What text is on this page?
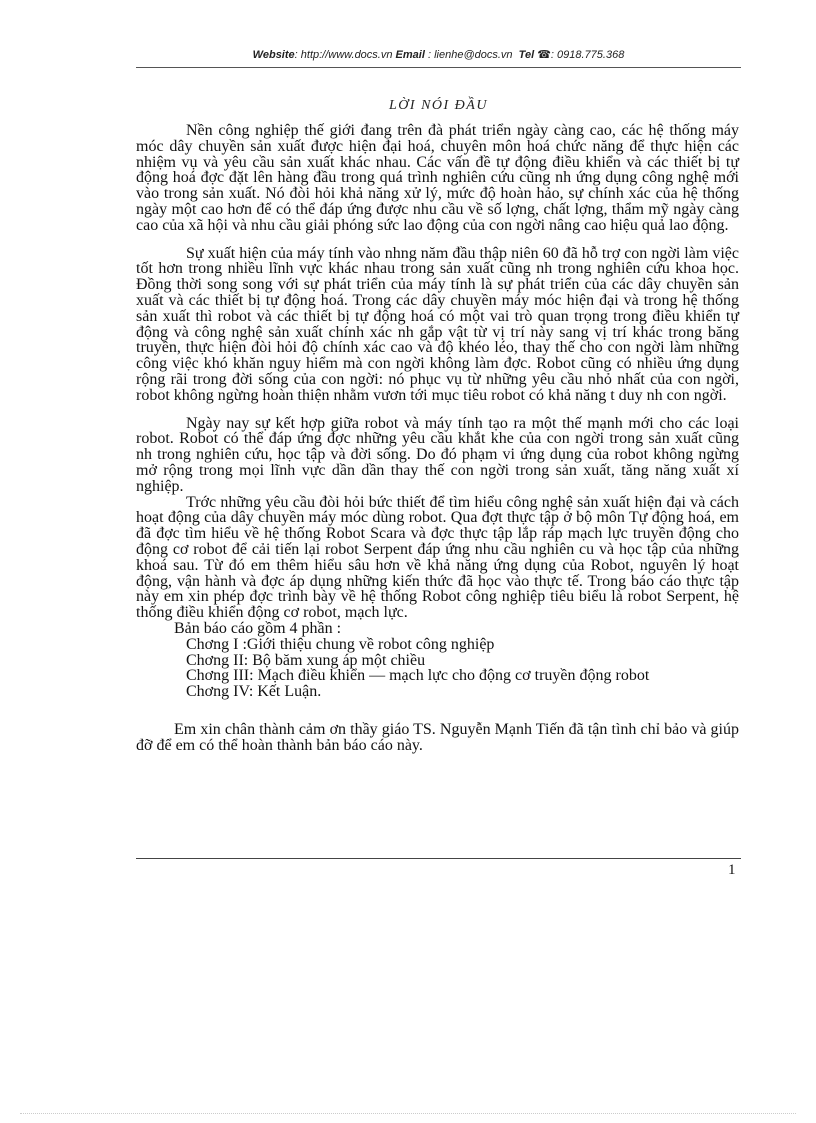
Website: http://www.docs.vn Email : lienhe@docs.vn Tel ☎: 0918.775.368
LỜI NÓI ĐẦU

Nền công nghiệp thế giới đang trên đà phát triển ngày càng cao, các hệ thống máy móc dây chuyền sản xuất được hiện đại hoá, chuyên môn hoá chức năng để thực hiện các nhiệm vụ và yêu cầu sản xuất khác nhau. Các vấn đề tự động điều khiển và các thiết bị tự động hoá đợc đặt lên hàng đầu trong quá trình nghiên cứu cũng nh ứng dụng công nghệ mới vào trong sản xuất. Nó đòi hỏi khả năng xử lý, mức độ hoàn hảo, sự chính xác của hệ thống ngày một cao hơn để có thể đáp ứng được nhu cầu về số lợng, chất lợng, thẩm mỹ ngày càng cao của xã hội và nhu cầu giải phóng sức lao động của con ngời nâng cao hiệu quả lao động.

Sự xuất hiện của máy tính vào nhng năm đầu thập niên 60 đã hỗ trợ con ngời làm việc tốt hơn trong nhiều lĩnh vực khác nhau trong sản xuất cũng nh trong nghiên cứu khoa học. Đồng thời song song với sự phát triển của máy tính là sự phát triển của các dây chuyền sản xuất và các thiết bị tự động hoá. Trong các dây chuyền máy móc hiện đại và trong hệ thống sản xuất thì robot và các thiết bị tự động hoá có một vai trò quan trọng trong điều khiển tự động và công nghệ sản xuất chính xác nh gắp vật từ vị trí này sang vị trí khác trong băng truyền, thực hiện đòi hỏi độ chính xác cao và độ khéo léo, thay thế cho con ngời làm những công việc khó khăn nguy hiểm mà con ngời không làm đợc. Robot cũng có nhiều ứng dụng rộng rãi trong đời sống của con ngời: nó phục vụ từ những yêu cầu nhỏ nhất của con ngời, robot không ngừng hoàn thiện nhằm vươn tới mục tiêu robot có khả năng t duy nh con ngời.

Ngày nay sự kết hợp giữa robot và máy tính tạo ra một thế mạnh mới cho các loại robot. Robot có thể đáp ứng đợc những yêu cầu khắt khe của con ngời trong sản xuất cũng nh trong nghiên cứu, học tập và đời sống. Do đó phạm vi ứng dụng của robot không ngừng mở rộng trong mọi lĩnh vực dần dần thay thế con ngời trong sản xuất, tăng năng xuất xí nghiệp.

Trớc những yêu cầu đòi hỏi bức thiết để tìm hiểu công nghệ sản xuất hiện đại và cách hoạt động của dây chuyền máy móc dùng robot. Qua đợt thực tập ở bộ môn Tự động hoá, em đã đợc tìm hiểu về hệ thống Robot Scara và đợc thực tập lắp ráp mạch lực truyền động cho động cơ robot để cải tiến lại robot Serpent đáp ứng nhu cầu nghiên cu và học tập của những khoá sau. Từ đó em thêm hiểu sâu hơn về khả năng ứng dụng của Robot, nguyên lý hoạt động, vận hành và đợc áp dụng những kiến thức đã học vào thực tế. Trong báo cáo thực tập này em xin phép đợc trình bày về hệ thống Robot công nghiệp tiêu biểu là robot Serpent, hệ thống điều khiển động cơ robot, mạch lực.

Bản báo cáo gồm 4 phần :

Chơng I :Giới thiệu chung về robot công nghiệp

Chơng II: Bộ băm xung áp một chiều

Chơng III: Mạch điều khiển — mạch lực cho động cơ truyền động robot

Chơng IV: Kết Luận.

Em xin chân thành cảm ơn thầy giáo TS. Nguyễn Mạnh Tiến đã tận tình chỉ bảo và giúp đỡ để em có thể hoàn thành bản báo cáo này.

1
